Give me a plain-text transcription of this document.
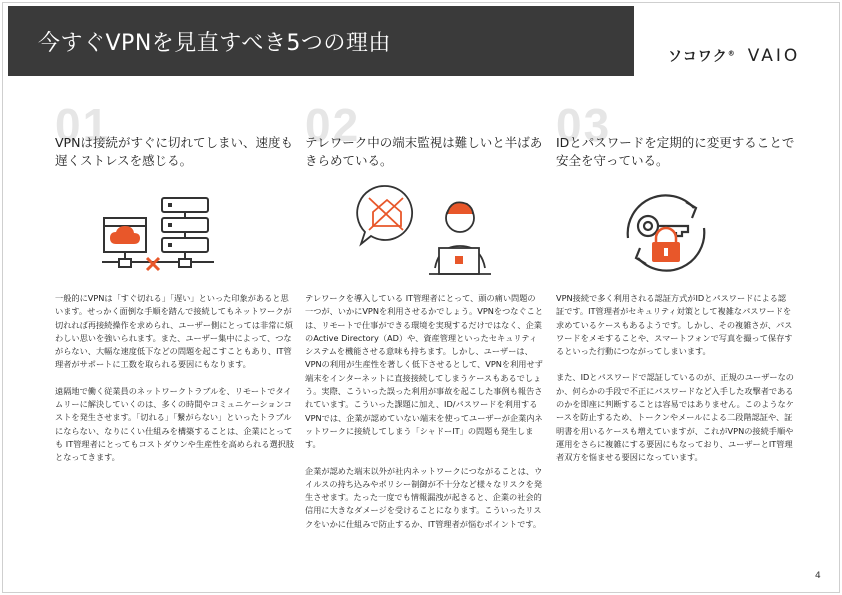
今すぐVPNを見直すべき5つの理由
ソコワク® VAIO
01
VPNは接続がすぐに切れてしまい、速度も遅くストレスを感じる。

一般的にVPNは「すぐ切れる」「遅い」といった印象があると思います。せっかく面倒な手順を踏んで接続してもネットワークが切れれば再接続操作を求められ、ユーザー側にとっては非常に煩わしい思いを強いられます。また、ユーザー集中によって、つながらない、大幅な速度低下などの問題を起こすこともあり、IT管理者がサポートに工数を取られる要因にもなります。

遠隔地で働く従業員のネットワークトラブルを、リモートでタイムリーに解決していくのは、多くの時間やコミュニケーションコストを発生させます。「切れる」「繋がらない」といったトラブルにならない、なりにくい仕組みを構築することは、企業にとっても IT管理者にとってもコストダウンや生産性を高められる選択肢となってきます。

02
テレワーク中の端末監視は難しいと半ばあきらめている。

テレワークを導入している IT管理者にとって、頭の痛い問題の一つが、いかにVPNを利用させるかでしょう。VPNをつなぐことは、リモートで仕事ができる環境を実現するだけではなく、企業のActive Directory（AD）や、資産管理といったセキュリティシステムを機能させる意味も持ちます。しかし、ユーザーは、VPNの利用が生産性を著しく低下させるとして、VPNを利用せず端末をインターネットに直接接続してしまうケースもあるでしょう。実際、こういった誤った利用が事故を起こした事例も報告されています。こういった課題に加え、ID/パスワードを利用するVPNでは、企業が認めていない端末を使ってユーザーが企業内ネットワークに接続してしまう「シャドーIT」の問題も発生します。

企業が認めた端末以外が社内ネットワークにつながることは、ウイルスの持ち込みやポリシー制御が不十分など様々なリスクを発生させます。たった一度でも情報漏洩が起きると、企業の社会的信用に大きなダメージを受けることになります。こういったリスクをいかに仕組みで防止するか、IT管理者が悩むポイントです。

03
IDとパスワードを定期的に変更することで安全を守っている。

VPN接続で多く利用される認証方式がIDとパスワードによる認証です。IT管理者がセキュリティ対策として複雑なパスワードを求めているケースもあるようです。しかし、その複雑さが、パスワードをメモすることや、スマートフォンで写真を撮って保存するといった行動につながってしまいます。

また、IDとパスワードで認証しているのが、正規のユーザーなのか、何らかの手段で不正にパスワードなど入手した攻撃者であるのかを即座に判断することは容易ではありません。このようなケースを防止するため、トークンやメールによる二段階認証や、証明書を用いるケースも増えていますが、これがVPNの接続手順や運用をさらに複雑にする要因にもなっており、ユーザーとIT管理者双方を悩ませる要因になっています。

4
